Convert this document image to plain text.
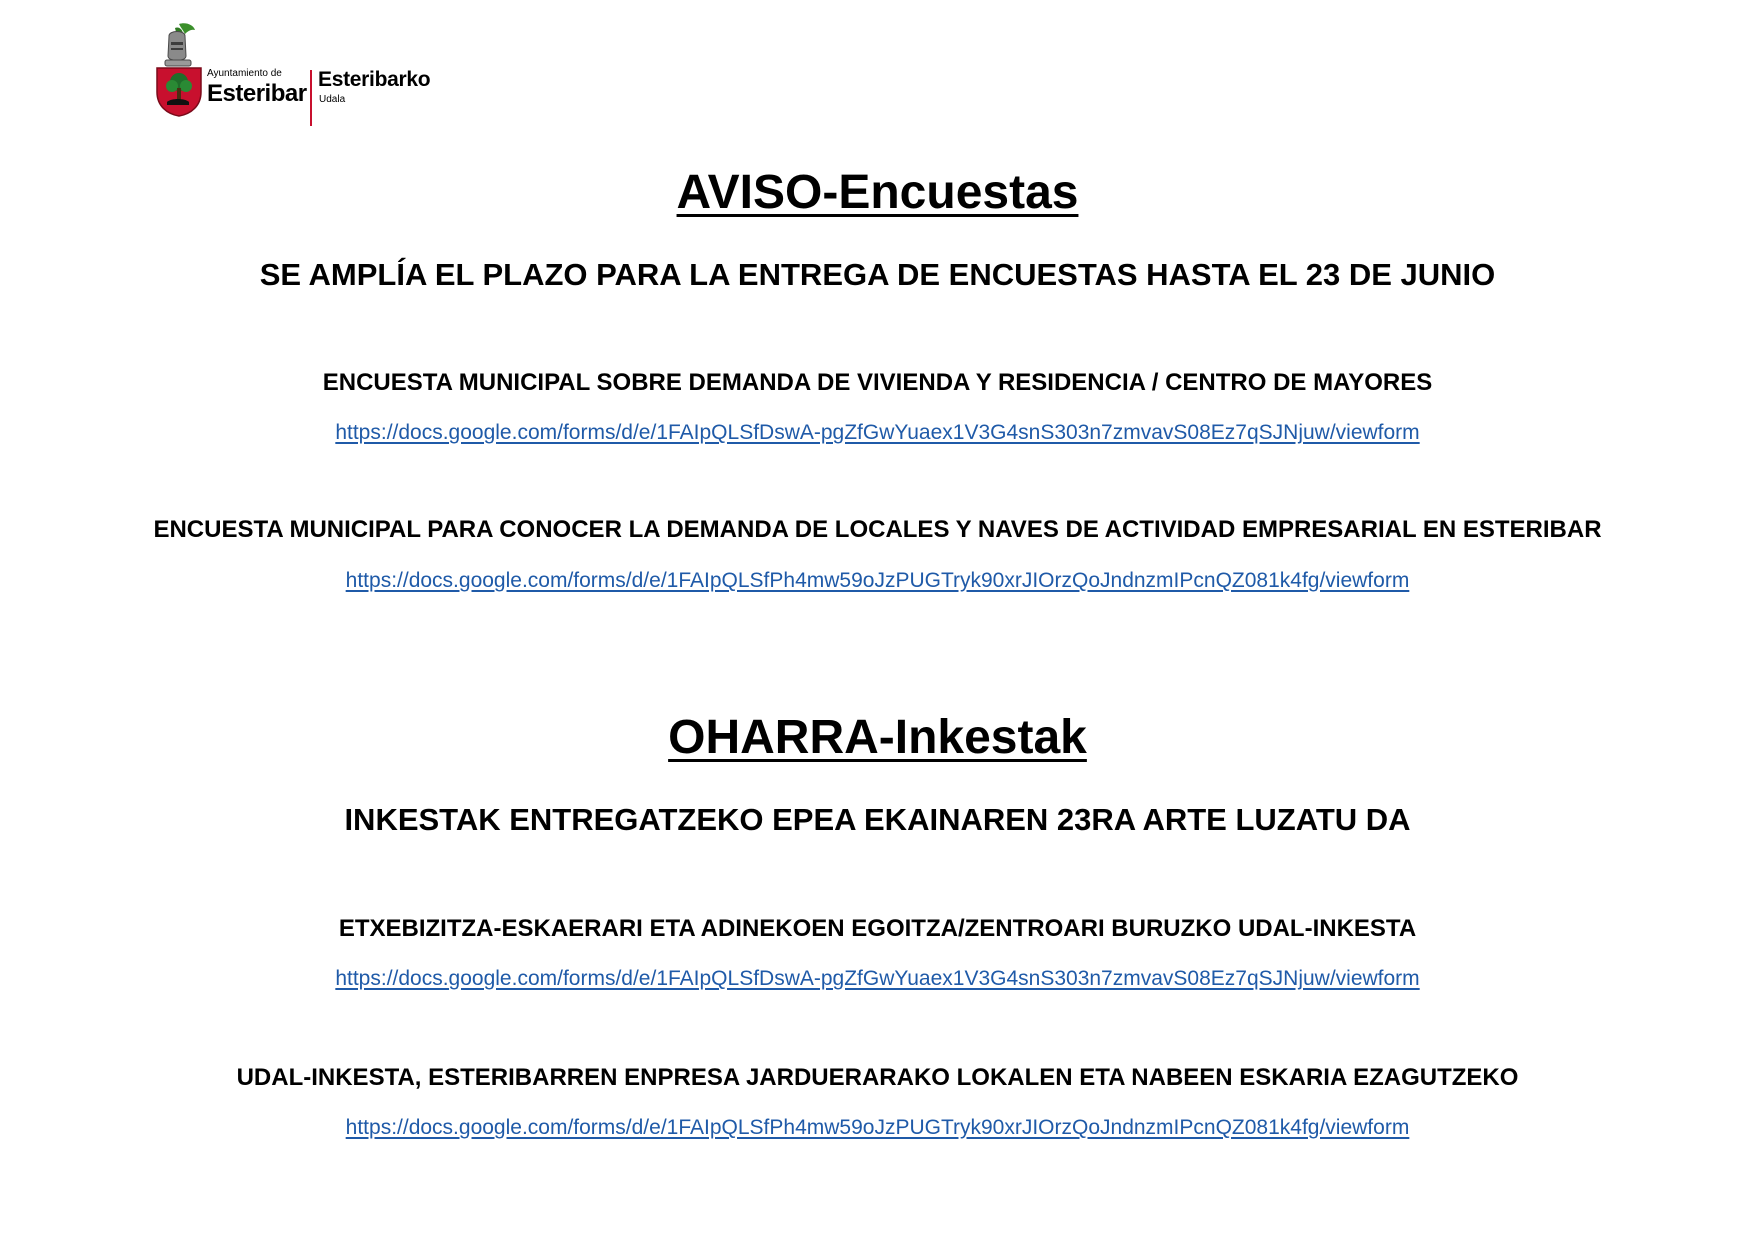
Ayuntamiento de
Esteribar
Esteribarko
Udala
AVISO-Encuestas
SE AMPLÍA EL PLAZO PARA LA ENTREGA DE ENCUESTAS HASTA EL 23 DE JUNIO
ENCUESTA MUNICIPAL SOBRE DEMANDA DE VIVIENDA Y RESIDENCIA / CENTRO DE MAYORES
https://docs.google.com/forms/d/e/1FAIpQLSfDswA-pgZfGwYuaex1V3G4snS303n7zmvavS08Ez7qSJNjuw/viewform
ENCUESTA MUNICIPAL PARA CONOCER LA DEMANDA DE LOCALES Y NAVES DE ACTIVIDAD EMPRESARIAL EN ESTERIBAR
https://docs.google.com/forms/d/e/1FAIpQLSfPh4mw59oJzPUGTryk90xrJIOrzQoJndnzmIPcnQZ081k4fg/viewform
OHARRA-Inkestak
INKESTAK ENTREGATZEKO EPEA EKAINAREN 23RA ARTE LUZATU DA
ETXEBIZITZA-ESKAERARI ETA ADINEKOEN EGOITZA/ZENTROARI BURUZKO UDAL-INKESTA
https://docs.google.com/forms/d/e/1FAIpQLSfDswA-pgZfGwYuaex1V3G4snS303n7zmvavS08Ez7qSJNjuw/viewform
UDAL-INKESTA, ESTERIBARREN ENPRESA JARDUERARAKO LOKALEN ETA NABEEN ESKARIA EZAGUTZEKO
https://docs.google.com/forms/d/e/1FAIpQLSfPh4mw59oJzPUGTryk90xrJIOrzQoJndnzmIPcnQZ081k4fg/viewform
